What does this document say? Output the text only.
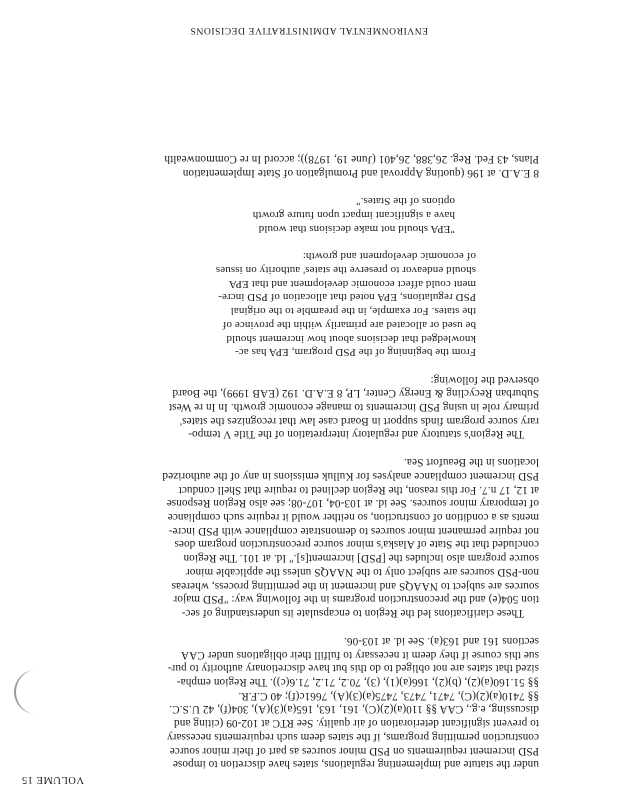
ENVIRONMENTAL ADMINISTRATIVE DECISIONS
under the statute and implementing regulations, states have discretion to impose
PSD increment requirements on PSD minor sources as part of their minor source
construction permitting programs, if the states deem such requirements necessary
to prevent significant deterioration of air quality. See RTC at 102-09 (citing and
discussing, e.g., CAA §§ 110(a)(2)(C), 161, 163, 165(a)(3)(A), 304(f), 42 U.S.C.
§§ 7410(a)(2)(C), 7471, 7473, 7475(a)(3)(A), 7661c(f); 40 C.F.R.
§§ 51.160(a)(2), (b)(2), 166(a)(1), (3), 70.2, 71.2, 71.6(c)). The Region empha-
sized that states are not obliged to do this but have discretionary authority to pur-
sue this course if they deem it necessary to fulfill their obligations under CAA
sections 161 and 163(a). See id. at 103-06.
These clarifications led the Region to encapsulate its understanding of sec-
tion 504(e) and the preconstruction programs in the following way: "PSD major
sources are subject to NAAQS and increment in the permitting process, whereas
non-PSD sources are subject only to the NAAQS unless the applicable minor
source program also includes the [PSD] increment[s]." Id. at 101. The Region
concluded that the State of Alaska's minor source preconstruction program does
not require permanent minor sources to demonstrate compliance with PSD incre-
ments as a condition of construction, so neither would it require such compliance
of temporary minor sources. See id. at 103-04, 107-08; see also Region Response
at 12, 17 n.7. For this reason, the Region declined to require that Shell conduct
PSD increment compliance analyses for Kulluk emissions in any of the authorized
locations in the Beaufort Sea.
The Region's statutory and regulatory interpretation of the Title V tempo-
rary source program finds support in Board case law that recognizes the states'
primary role in using PSD increments to manage economic growth. In In re West
Suburban Recycling & Energy Center, LP, 8 E.A.D. 192 (EAB 1999), the Board
observed the following:
From the beginning of the PSD program, EPA has ac-
knowledged that decisions about how increment should
be used or allocated are primarily within the province of
the states. For example, in the preamble to the original
PSD regulations, EPA noted that allocation of PSD incre-
ment could affect economic development and that EPA
should endeavor to preserve the states' authority on issues
of economic development and growth:
"EPA should not make decisions that would
have a significant impact upon future growth
options of the States."
8 E.A.D. at 196 (quoting Approval and Promulgation of State Implementation
Plans, 43 Fed. Reg. 26,388, 26,401 (June 19, 1978)); accord In re Commonwealth
VOLUME 15
